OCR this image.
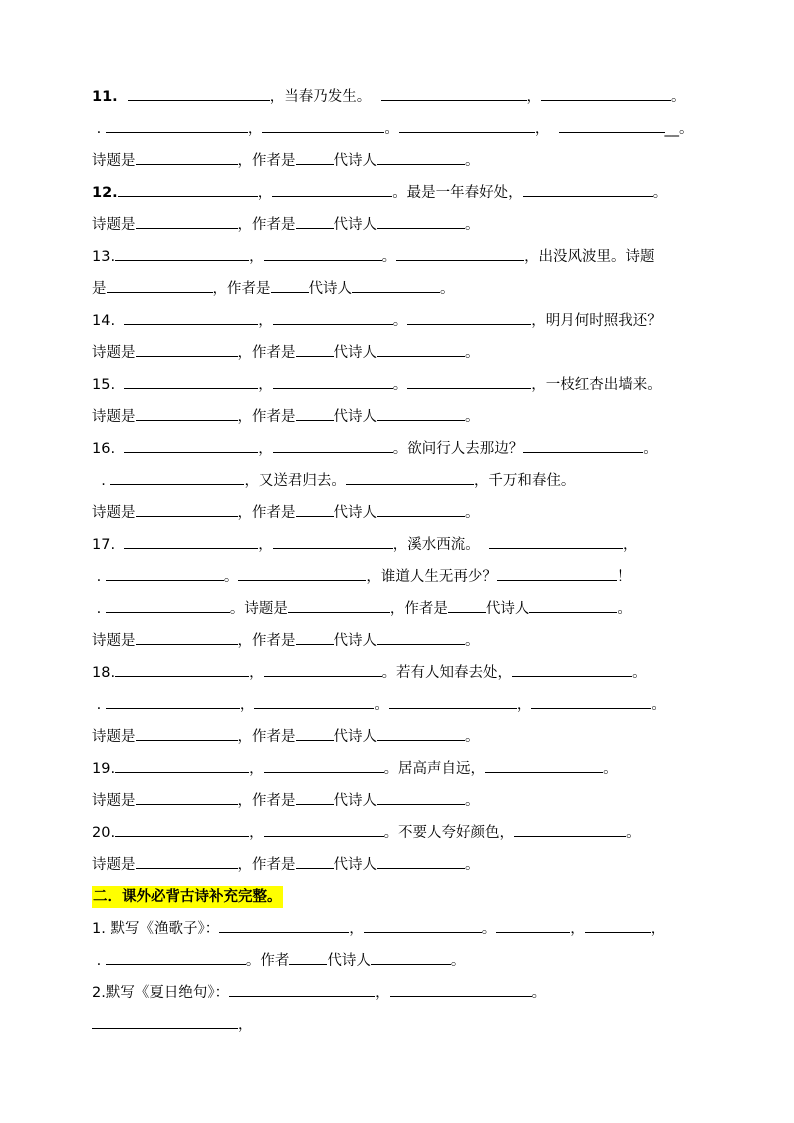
11.	，当春乃发生。	，	。
.	，	。	，	__。
诗题是	，作者是	代诗人	。
12.	，	。最是一年春好处，	。
诗题是	，作者是	代诗人	。
13.	，	。	，出没风波里。诗题
是	，作者是	代诗人	。
14.	，	。	，明月何时照我还？
诗题是	，作者是	代诗人	。
15.	，	。	，一枝红杏出墙来。
诗题是	，作者是	代诗人	。
16.	，	。欲问行人去那边？	。
.	，又送君归去。	，千万和春住。
诗题是	，作者是	代诗人	。
17.	，	，溪水西流。	，
.	。	，谁道人生无再少？	！
.	。诗题是	，作者是	代诗人	。
诗题是	，作者是	代诗人	。
18.	，	。若有人知春去处，	。
.	，	。	，	。
诗题是	，作者是	代诗人	。
19.	，	。居高声自远，	。
诗题是	，作者是	代诗人	。
20.	，	。不要人夸好颜色，	。
诗题是	，作者是	代诗人	。
二．课外必背古诗补充完整。
1. 默写《渔歌子》：	，	。	，	，
.	。作者	代诗人	。
2.默写《夏日绝句》：	，	。
，
